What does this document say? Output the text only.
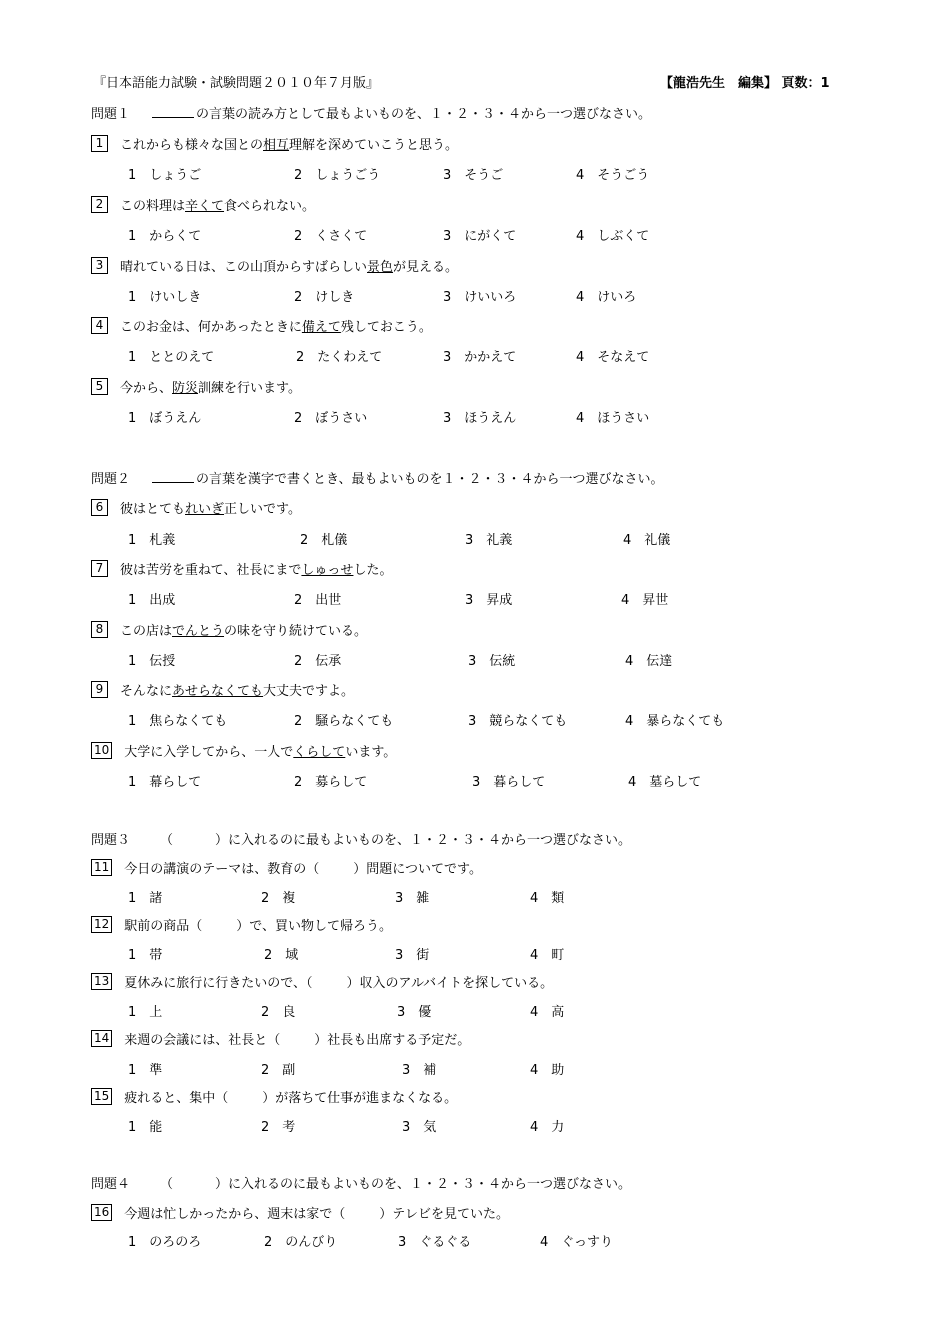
『日本語能力試験・試験問題２０１０年７月版』	【龍浩先生　編集】 頁数：1
問題１	の言葉の読み方として最もよいものを、１・２・３・４から一つ選びなさい。
問題２	の言葉を漢字で書くとき、最もよいものを１・２・３・４から一つ選びなさい。
問題３ （	）に入れるのに最もよいものを、１・２・３・４から一つ選びなさい。
問題４ （	）に入れるのに最もよいものを、１・２・３・４から一つ選びなさい。
1	これからも様々な国との 相互 理解を深めていこうと思う。
1　しょうご	2　しょうごう	3　そうご	4　そうごう
2	この料理は 辛くて 食べられない。
1　からくて	2　くさくて	3　にがくて	4　しぶくて
3	晴れている日は、この山頂からすばらしい 景色 が見える。
1　けいしき	2　けしき	3　けいいろ	4　けいろ
4	このお金は、何かあったときに 備えて 残しておこう。
1　ととのえて	2　たくわえて	3　かかえて	4　そなえて
5	今から、 防災 訓練を行います。
1　ぼうえん	2　ぼうさい	3　ほうえん	4　ほうさい
6	彼はとても れいぎ 正しいです。
1　札義	2　札儀	3　礼義	4　礼儀
7	彼は苦労を重ねて、社長にまで しゅっせ した。
1　出成	2　出世	3　昇成	4　昇世
8	この店は でんとう の味を守り続けている。
1　伝授	2　伝承	3　伝統	4　伝達
9	そんなに あせらなくても 大丈夫ですよ。
1　焦らなくても	2　騒らなくても	3　競らなくても	4　暴らなくても
10 大学に入学してから、一人で くらして います。
1　幕らして	2　募らして	3　暮らして	4　墓らして
11 今日の講演のテーマは、教育の（	）問題についてです。
1　諸	2　複	3　雑	4　類
12 駅前の商品（	）で、買い物して帰ろう。
1　帯	2　域	3　街	4　町
13 夏休みに旅行に行きたいので、（	）収入のアルバイトを探している。
1　上	2　良	3　優	4　高
14 来週の会議には、社長と（	）社長も出席する予定だ。
1　準	2　副	3　補	4　助
15 疲れると、集中（	）が落ちて仕事が進まなくなる。
1　能	2　考	3　気	4　力
16 今週は忙しかったから、週末は家で（	）テレビを見ていた。
1　のろのろ	2　のんびり	3　ぐるぐる	4　ぐっすり
